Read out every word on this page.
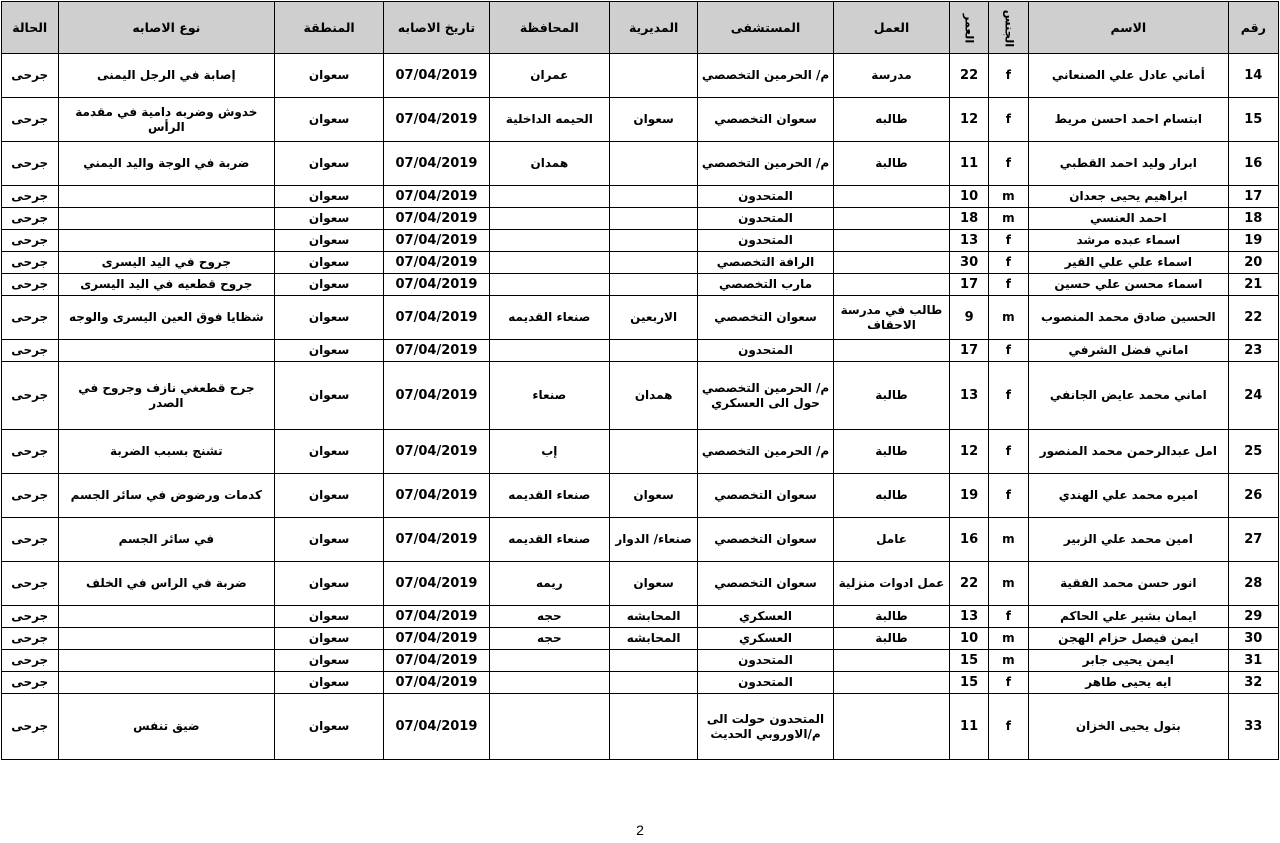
رقم	الاسم	الجنس	العمر	العمل	المستشفى	المديرية	المحافظة	تاريخ الاصابه	المنطقة	نوع الاصابه	الحالة
14	أماني عادل علي الصنعاني	f	22	مدرسة	م/ الحرمين التخصصي		عمران	07/04/2019	سعوان	إصابة في الرجل اليمنى	جرحى
15	ابتسام احمد احسن مريط	f	12	طالبه	سعوان التخصصي	سعوان	الحيمه الداخلية	07/04/2019	سعوان	خدوش وضربه دامية في مقدمة الرأس	جرحى
16	ابرار وليد احمد القطبي	f	11	طالبة	م/ الحرمين التخصصي		همدان	07/04/2019	سعوان	ضربة في الوجة واليد اليمني	جرحى
17	ابراهيم يحيى جعدان	m	10		المتحدون			07/04/2019	سعوان		جرحى
18	احمد العنسي	m	18		المتحدون			07/04/2019	سعوان		جرحى
19	اسماء عبده مرشد	f	13		المتحدون			07/04/2019	سعوان		جرحى
20	اسماء علي علي القير	f	30		الرافة التخصصي			07/04/2019	سعوان	جروح في اليد اليسرى	جرحى
21	اسماء محسن علي حسين	f	17		مارب التخصصي			07/04/2019	سعوان	جروح قطعيه في اليد اليسرى	جرحى
22	الحسين صادق محمد المنصوب	m	9	طالب في مدرسة الاحقاف	سعوان التخصصي	الاربعين	صنعاء القديمه	07/04/2019	سعوان	شظايا فوق العين اليسرى والوجه	جرحى
23	اماني فضل الشرفي	f	17		المتحدون			07/04/2019	سعوان		جرحى
24	اماني محمد عايض الجانفي	f	13	طالبة	م/ الحرمين التخصصي حول الى العسكري	همدان	صنعاء	07/04/2019	سعوان	جرح قطعغي نازف وجروح في الصدر	جرحى
25	امل عبدالرحمن محمد المنصور	f	12	طالبة	م/ الحرمين التخصصي		إب	07/04/2019	سعوان	تشنج بسبب الضربة	جرحى
26	اميره محمد علي الهندي	f	19	طالبه	سعوان التخصصي	سعوان	صنعاء القديمه	07/04/2019	سعوان	كدمات ورضوض في سائر الجسم	جرحى
27	امين محمد علي الزبير	m	16	عامل	سعوان التخصصي	صنعاء/ الدوار	صنعاء القديمه	07/04/2019	سعوان	في سائر الجسم	جرحى
28	انور حسن محمد الفقية	m	22	عمل ادوات منزلية	سعوان التخصصي	سعوان	ريمه	07/04/2019	سعوان	ضربة في الراس في الخلف	جرحى
29	ايمان بشير علي الحاكم	f	13	طالبة	العسكري	المحابشه	حجه	07/04/2019	سعوان		جرحى
30	ايمن فيصل حزام الهجن	m	10	طالبة	العسكري	المحابشه	حجه	07/04/2019	سعوان		جرحى
31	ايمن يحيى جابر	m	15		المتحدون			07/04/2019	سعوان		جرحى
32	ايه يحيى طاهر	f	15		المتحدون			07/04/2019	سعوان		جرحى
33	بتول يحيى الخزان	f	11		المتحدون حولت الى م/الاوروبي الحديث			07/04/2019	سعوان	ضيق تنفس	جرحى
2
